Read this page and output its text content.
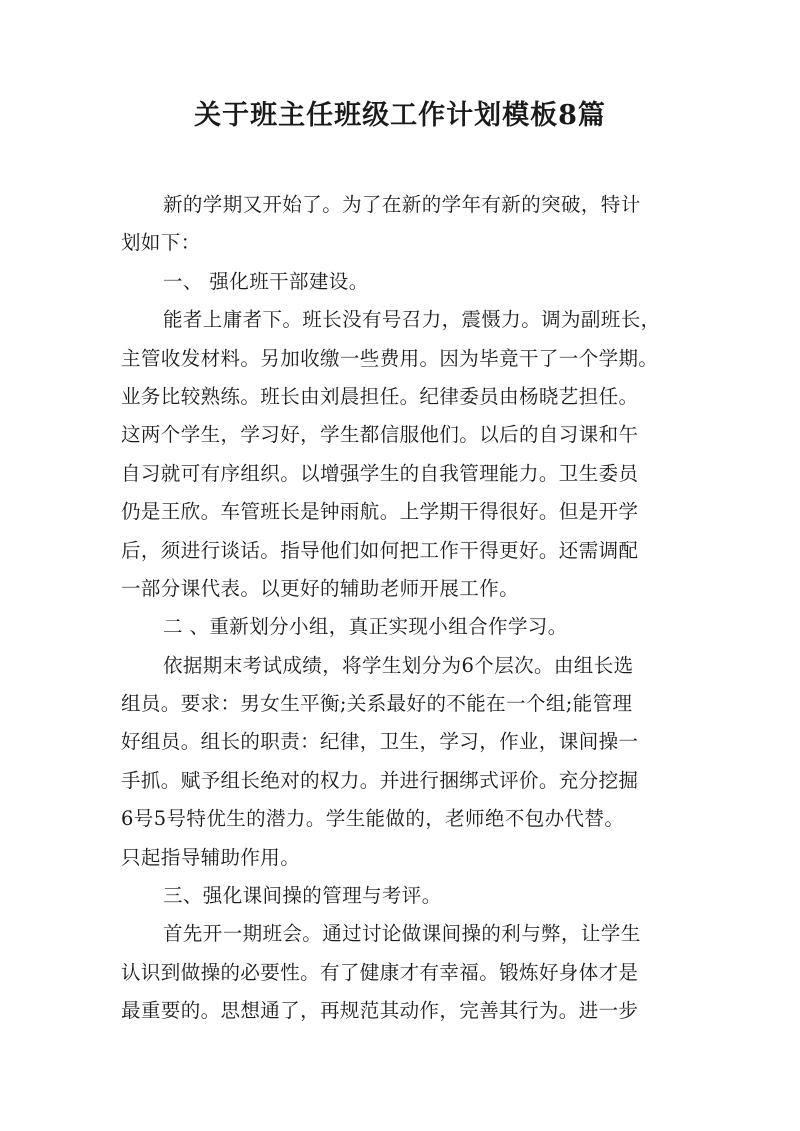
关于班主任班级工作计划模板8篇
新的学期又开始了。为了在新的学年有新的突破，特计
划如下：
一、 强化班干部建设。
能者上庸者下。班长没有号召力，震慑力。调为副班长，
主管收发材料。另加收缴一些费用。因为毕竟干了一个学期。
业务比较熟练。班长由刘晨担任。纪律委员由杨晓艺担任。
这两个学生，学习好，学生都信服他们。以后的自习课和午
自习就可有序组织。以增强学生的自我管理能力。卫生委员
仍是王欣。车管班长是钟雨航。上学期干得很好。但是开学
后，须进行谈话。指导他们如何把工作干得更好。还需调配
一部分课代表。以更好的辅助老师开展工作。
二 、重新划分小组，真正实现小组合作学习。
依据期末考试成绩，将学生划分为6个层次。由组长选
组员。要求：男女生平衡;关系最好的不能在一个组;能管理
好组员。组长的职责：纪律，卫生，学习，作业，课间操一
手抓。赋予组长绝对的权力。并进行捆绑式评价。充分挖掘
6号5号特优生的潜力。学生能做的，老师绝不包办代替。
只起指导辅助作用。
三、强化课间操的管理与考评。
首先开一期班会。通过讨论做课间操的利与弊，让学生
认识到做操的必要性。有了健康才有幸福。锻炼好身体才是
最重要的。思想通了，再规范其动作，完善其行为。进一步
